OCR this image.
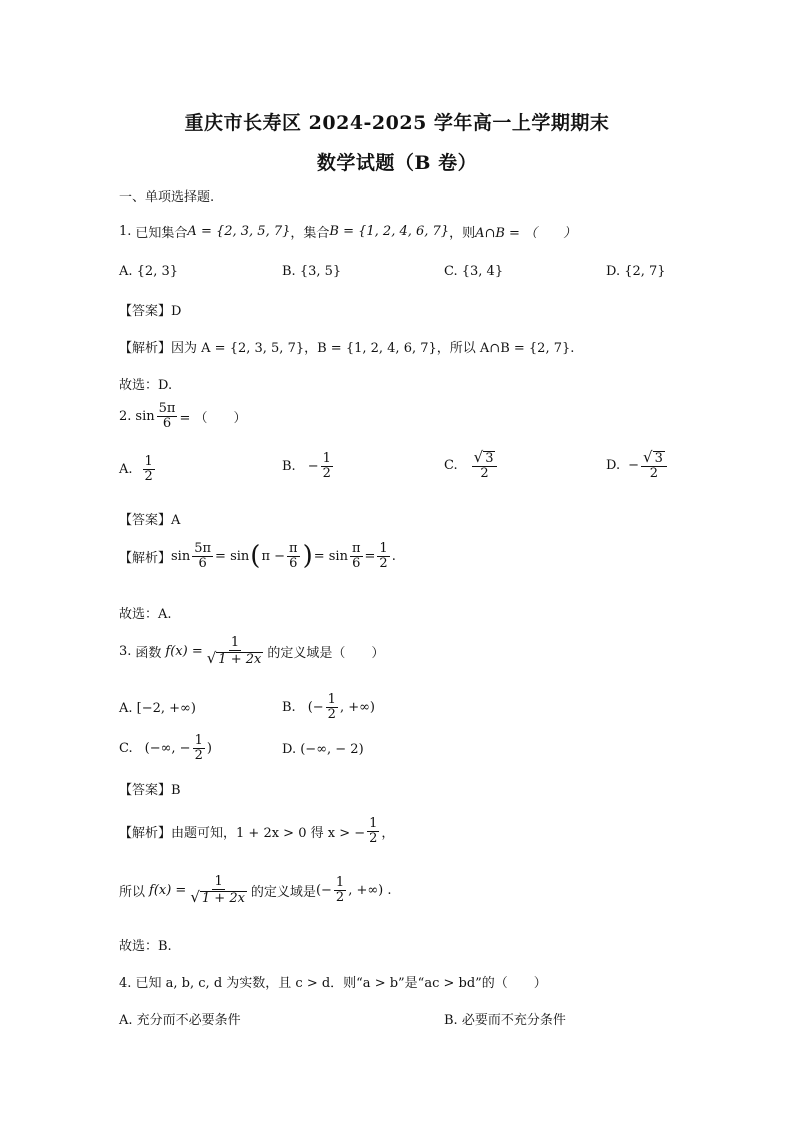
重庆市长寿区 2024-2025 学年高一上学期期末
数学试题（B 卷）
一、单项选择题.
1. 已知集合 A = {2, 3, 5, 7} ，集合 B = {1, 2, 4, 6, 7} ，则 A∩B = （　　）
A. {2, 3}	B. {3, 5}	C. {3, 4}	D. {2, 7}
【答案】D
【解析】 因为 A = {2, 3, 5, 7}，B = {1, 2, 4, 6, 7}，所以 A∩B = {2, 7}.
故选：D.
2. $\sin \frac{5\pi}{6}$ = （　　）
A. $\frac{1}{2}$	B. − $\frac{1}{2}$	C. $\frac{√ 3}{2}$	D. − $\frac{√ 3}{2}$
【答案】A
【解析】 $\sin \frac{5\pi}{6} = \sin$ ( $\pi - \frac{\pi}{6}$ ) = $\sin \frac{\pi}{6} = \frac{1}{2}$ .
故选：A.
3. 函数 $f(x) = \frac{1}{√ 1 + 2x}$ 的定义域是（　　）
A. [−2, +∞)	B. (− $\frac{1}{2}$ , +∞)
C. (−∞, − $\frac{1}{2}$ )	D. (−∞, − 2)
【答案】B
【解析】 由题可知，1 + 2x > 0 得 x > − $\frac{1}{2}$ ，
所以 $f(x) = \frac{1}{√ 1 + 2x}$ 的定义域是 (− $\frac{1}{2}$ , +∞) .
故选：B.
4. 已知 a, b, c, d 为实数，且 c > d．则“a > b”是“ac > bd”的（　　）
A. 充分而不必要条件	B. 必要而不充分条件
